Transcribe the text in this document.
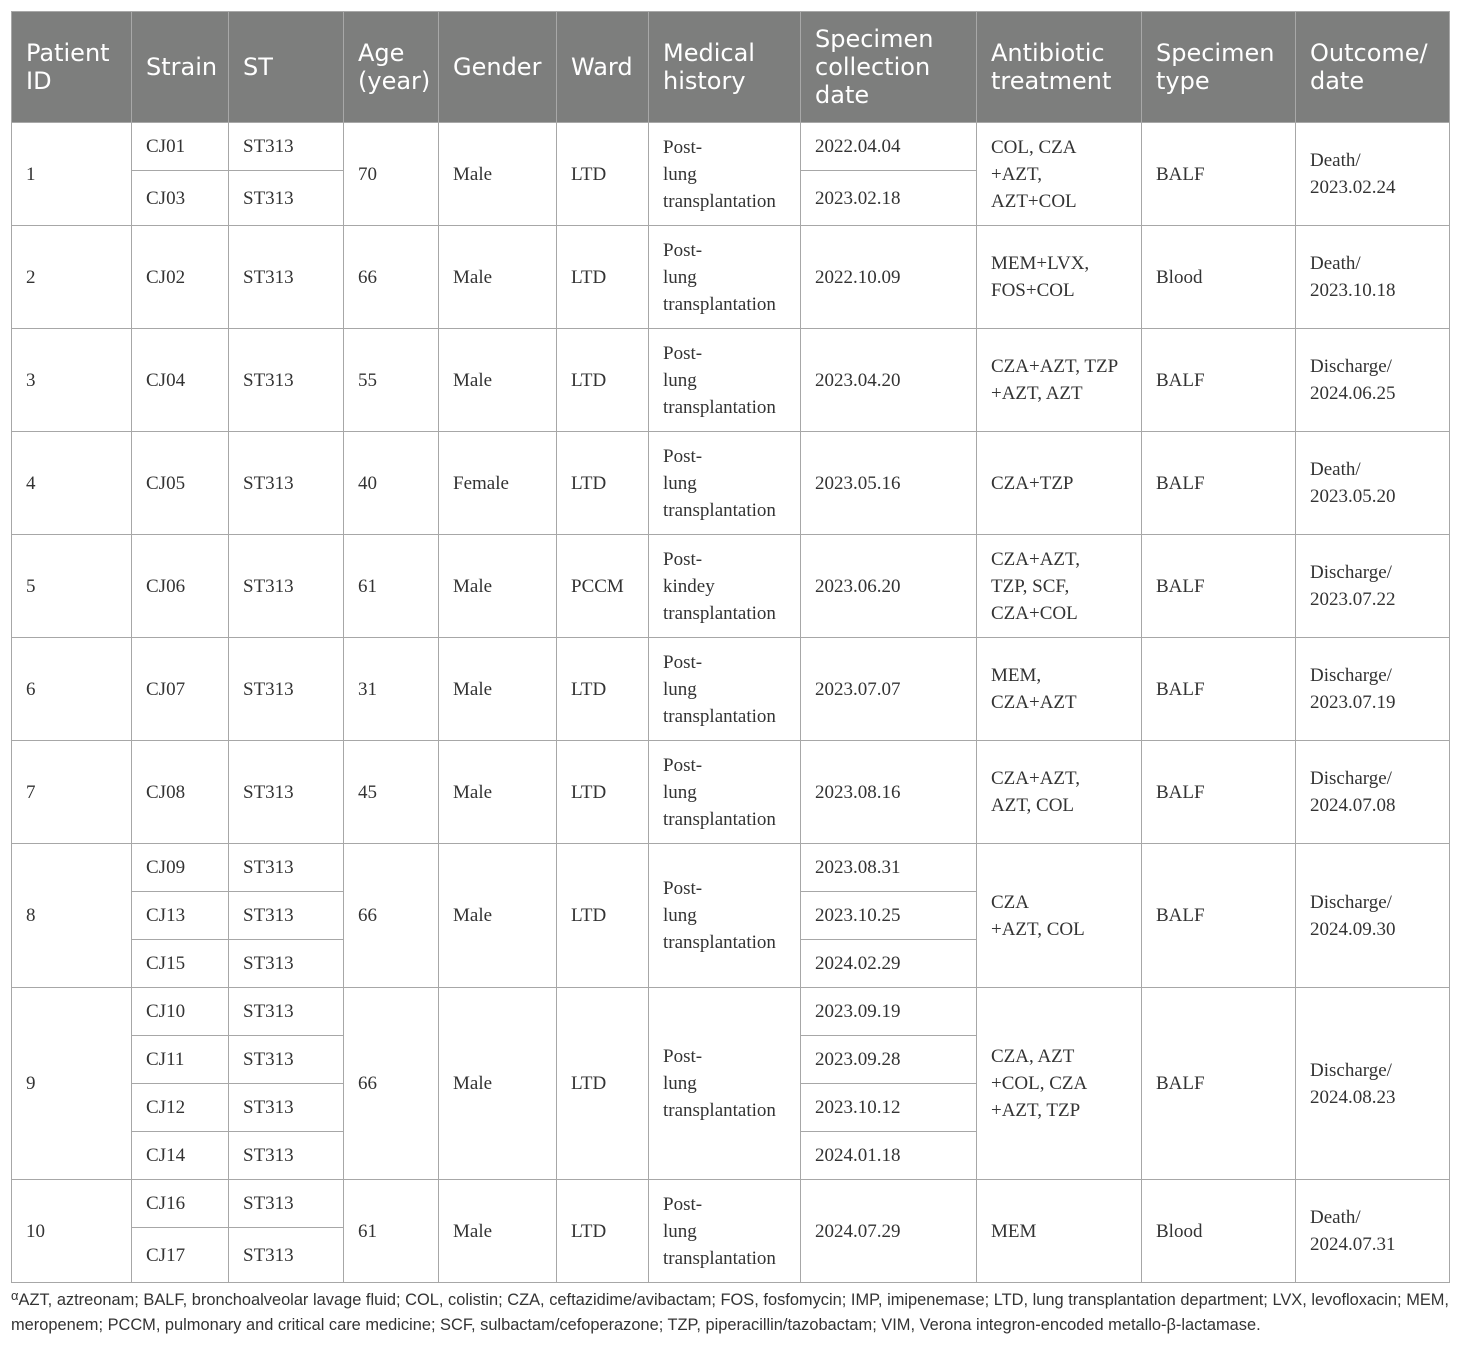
Patient ID	Strain	ST	Age (year)	Gender	Ward	Medical history	Specimen collection date	Antibiotic treatment	Specimen type	Outcome/ date
1	CJ01	ST313	70	Male	LTD	Post-
lung
transplantation	2022.04.04	COL, CZA
+AZT,
AZT+COL	BALF	Death/
2023.02.24
	CJ03	ST313					2023.02.18			
2	CJ02	ST313	66	Male	LTD	Post-
lung
transplantation	2022.10.09	MEM+LVX,
FOS+COL	Blood	Death/
2023.10.18
3	CJ04	ST313	55	Male	LTD	Post-
lung
transplantation	2023.04.20	CZA+AZT, TZP
+AZT, AZT	BALF	Discharge/
2024.06.25
4	CJ05	ST313	40	Female	LTD	Post-
lung
transplantation	2023.05.16	CZA+TZP	BALF	Death/
2023.05.20
5	CJ06	ST313	61	Male	PCCM	Post-
kindey
transplantation	2023.06.20	CZA+AZT,
TZP, SCF,
CZA+COL	BALF	Discharge/
2023.07.22
6	CJ07	ST313	31	Male	LTD	Post-
lung
transplantation	2023.07.07	MEM,
CZA+AZT	BALF	Discharge/
2023.07.19
7	CJ08	ST313	45	Male	LTD	Post-
lung
transplantation	2023.08.16	CZA+AZT,
AZT, COL	BALF	Discharge/
2024.07.08
8	CJ09	ST313	66	Male	LTD	Post-
lung
transplantation	2023.08.31	CZA
+AZT, COL	BALF	Discharge/
2024.09.30
	CJ13	ST313					2023.10.25			
	CJ15	ST313					2024.02.29			
9	CJ10	ST313	66	Male	LTD	Post-
lung
transplantation	2023.09.19	CZA, AZT
+COL, CZA
+AZT, TZP	BALF	Discharge/
2024.08.23
	CJ11	ST313					2023.09.28			
	CJ12	ST313					2023.10.12			
	CJ14	ST313					2024.01.18			
10	CJ16	ST313	61	Male	LTD	Post-
lung
transplantation	2024.07.29	MEM	Blood	Death/
2024.07.31
	CJ17	ST313								
$^\alpha$AZT, aztreonam; BALF, bronchoalveolar lavage fluid; COL, colistin; CZA, ceftazidime/avibactam; FOS, fosfomycin; IMP, imipenemase; LTD, lung transplantation department; LVX, levofloxacin; MEM, meropenem; PCCM, pulmonary and critical care medicine; SCF, sulbactam/cefoperazone; TZP, piperacillin/tazobactam; VIM, Verona integron-encoded metallo-β-lactamase.
